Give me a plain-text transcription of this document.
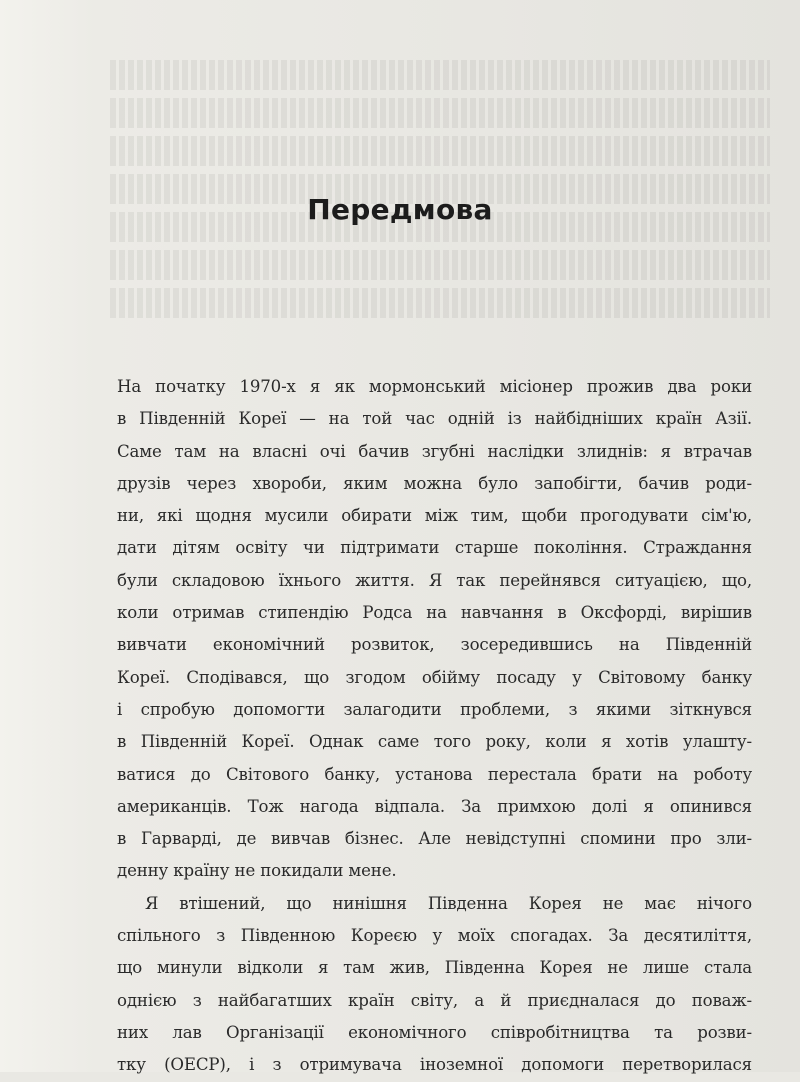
Передмова
На початку 1970-х я як мормонський місіонер прожив два роки
в Південній Кореї — на той час одній із найбідніших країн Азії.
Саме там на власні очі бачив згубні наслідки злиднів: я втрачав
друзів через хвороби, яким можна було запобігти, бачив роди-
ни, які щодня мусили обирати між тим, щоби прогодувати сім'ю,
дати дітям освіту чи підтримати старше покоління. Страждання
були складовою їхнього життя. Я так перейнявся ситуацією, що,
коли отримав стипендію Родса на навчання в Оксфорді, вирішив
вивчати економічний розвиток, зосередившись на Південній
Кореї. Сподівався, що згодом обійму посаду у Світовому банку
і спробую допомогти залагодити проблеми, з якими зіткнувся
в Південній Кореї. Однак саме того року, коли я хотів улашту-
ватися до Світового банку, установа перестала брати на роботу
американців. Тож нагода відпала. За примхою долі я опинився
в Гарварді, де вивчав бізнес. Але невідступні спомини про зли-
денну країну не покидали мене.
Я втішений, що нинішня Південна Корея не має нічого
спільного з Південною Кореєю у моїх спогадах. За десятиліття,
що минули відколи я там жив, Південна Корея не лише стала
однією з найбагатших країн світу, а й приєдналася до поваж-
них лав Організації економічного співробітництва та розви-
тку (ОЕСР), і з отримувача іноземної допомоги перетворилася
